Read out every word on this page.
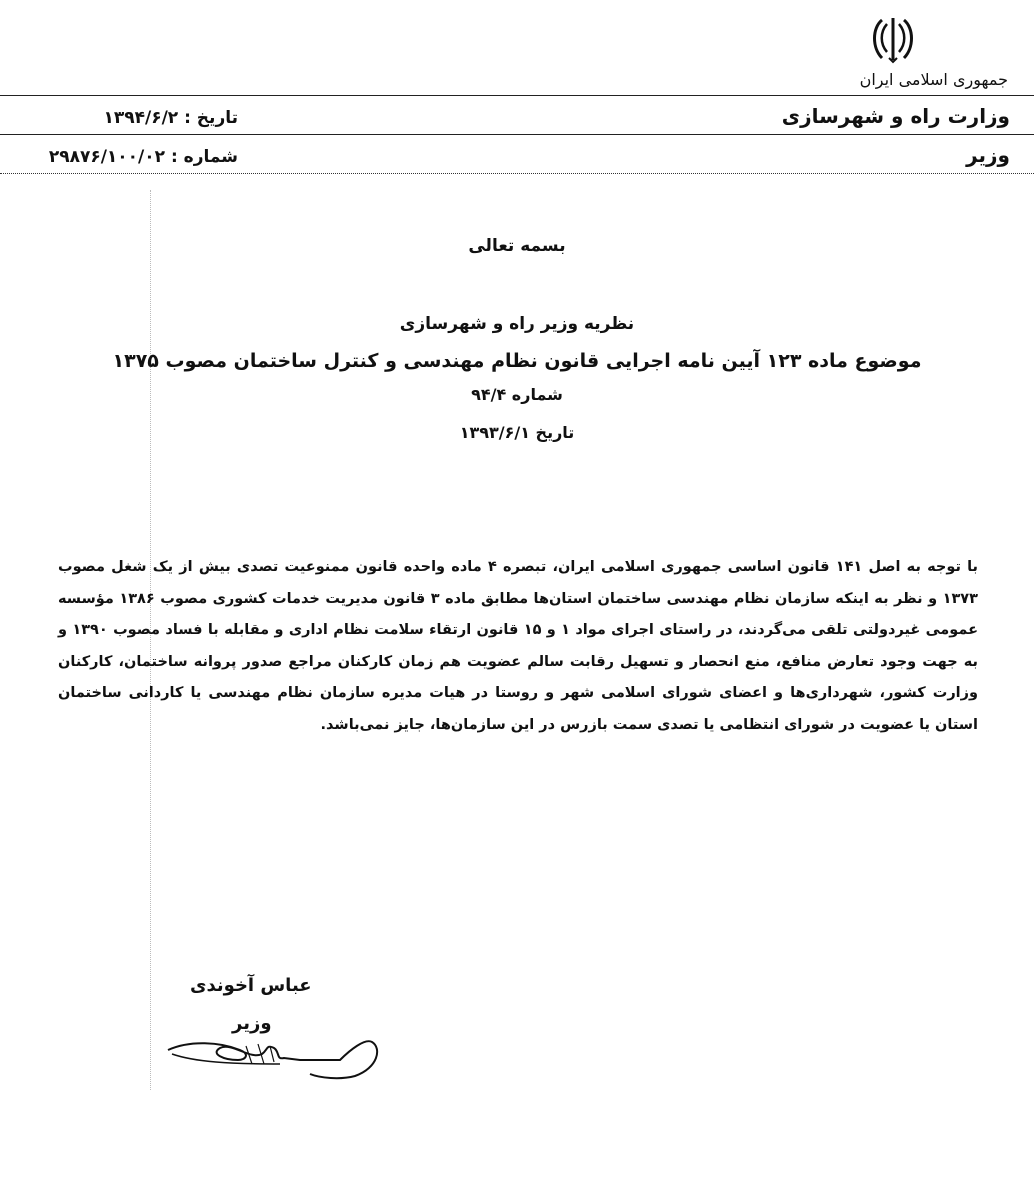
جمهوری اسلامی ایران
وزارت راه و شهرسازی
تاریخ : ۱۳۹۴/۶/۲
وزیر
شماره : ۲۹۸۷۶/۱۰۰/۰۲
بسمه تعالی
نظریه وزیر راه و شهرسازی
موضوع ماده ۱۲۳ آیین نامه اجرایی قانون نظام مهندسی و کنترل ساختمان مصوب ۱۳۷۵
شماره ۹۴/۴
تاریخ ۱۳۹۳/۶/۱
با توجه به اصل ۱۴۱ قانون اساسی جمهوری اسلامی ایران، تبصره ۴ ماده واحده قانون ممنوعیت تصدی بیش از یک شغل مصوب ۱۳۷۳ و نظر به اینکه سازمان نظام مهندسی ساختمان استان‌ها مطابق ماده ۳ قانون مدیریت خدمات کشوری مصوب ۱۳۸۶ مؤسسه عمومی غیردولتی تلقی می‌گردند، در راستای اجرای مواد ۱ و ۱۵ قانون ارتقاء سلامت نظام اداری و مقابله با فساد مصوب ۱۳۹۰ و به جهت وجود تعارض منافع، منع انحصار و تسهیل رقابت سالم عضویت هم زمان کارکنان مراجع صدور پروانه ساختمان، کارکنان وزارت کشور، شهرداری‌ها و اعضای شورای اسلامی شهر و روستا در هیات مدیره سازمان نظام مهندسی یا کاردانی ساختمان استان یا عضویت در شورای انتظامی یا تصدی سمت بازرس در این سازمان‌ها، جایز نمی‌باشد.
عباس آخوندی
وزیر
